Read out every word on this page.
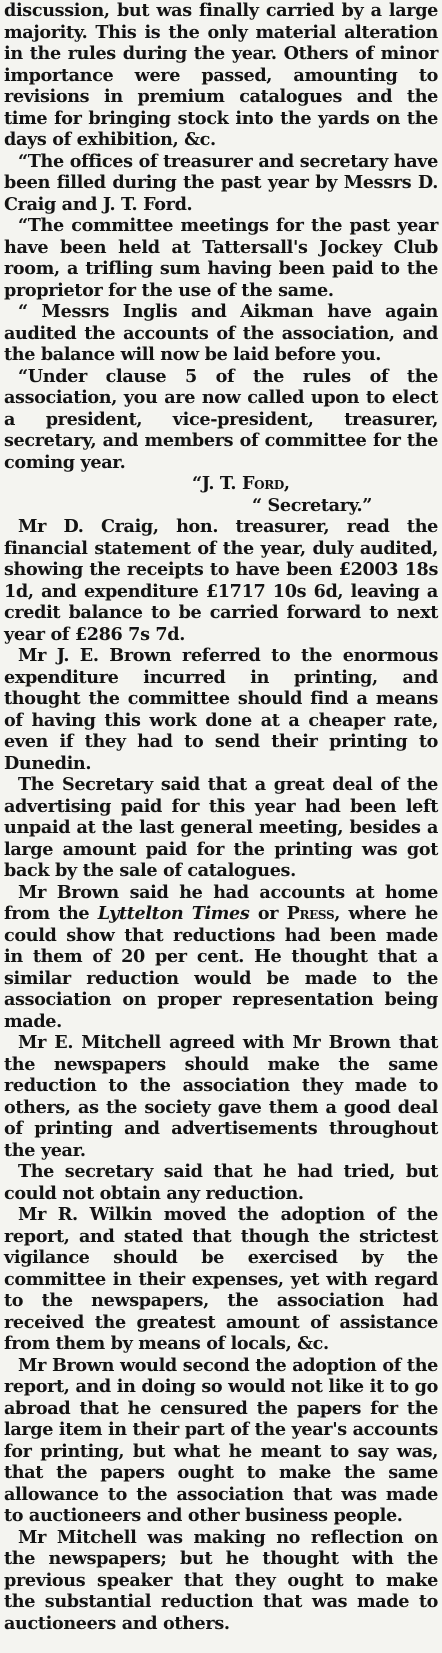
discussion, but was finally carried by a large majority. This is the only material alteration in the rules during the year. Others of minor importance were passed, amounting to revisions in premium catalogues and the time for bringing stock into the yards on the days of exhibition, &c.

“The offices of treasurer and secretary have been filled during the past year by Messrs D. Craig and J. T. Ford.

“The committee meetings for the past year have been held at Tattersall's Jockey Club room, a trifling sum having been paid to the proprietor for the use of the same.

“ Messrs Inglis and Aikman have again audited the accounts of the association, and the balance will now be laid before you.

“Under clause 5 of the rules of the association, you are now called upon to elect a president, vice-president, treasurer, secretary, and members of committee for the coming year.

“J. T. Ford,

“ Secretary.”

Mr D. Craig, hon. treasurer, read the financial statement of the year, duly audited, showing the receipts to have been £2003 18s 1d, and expenditure £1717 10s 6d, leaving a credit balance to be carried forward to next year of £286 7s 7d.

Mr J. E. Brown referred to the enormous expenditure incurred in printing, and thought the committee should find a means of having this work done at a cheaper rate, even if they had to send their printing to Dunedin.

The Secretary said that a great deal of the advertising paid for this year had been left unpaid at the last general meeting, besides a large amount paid for the printing was got back by the sale of catalogues.

Mr Brown said he had accounts at home from the Lyttelton Times or Press, where he could show that reductions had been made in them of 20 per cent. He thought that a similar reduction would be made to the association on proper representation being made.

Mr E. Mitchell agreed with Mr Brown that the newspapers should make the same reduction to the association they made to others, as the society gave them a good deal of printing and advertisements throughout the year.

The secretary said that he had tried, but could not obtain any reduction.

Mr R. Wilkin moved the adoption of the report, and stated that though the strictest vigilance should be exercised by the committee in their expenses, yet with regard to the newspapers, the association had received the greatest amount of assistance from them by means of locals, &c.

Mr Brown would second the adoption of the report, and in doing so would not like it to go abroad that he censured the papers for the large item in their part of the year's accounts for printing, but what he meant to say was, that the papers ought to make the same allowance to the association that was made to auctioneers and other business people.

Mr Mitchell was making no reflection on the newspapers; but he thought with the previous speaker that they ought to make the substantial reduction that was made to auctioneers and others.
